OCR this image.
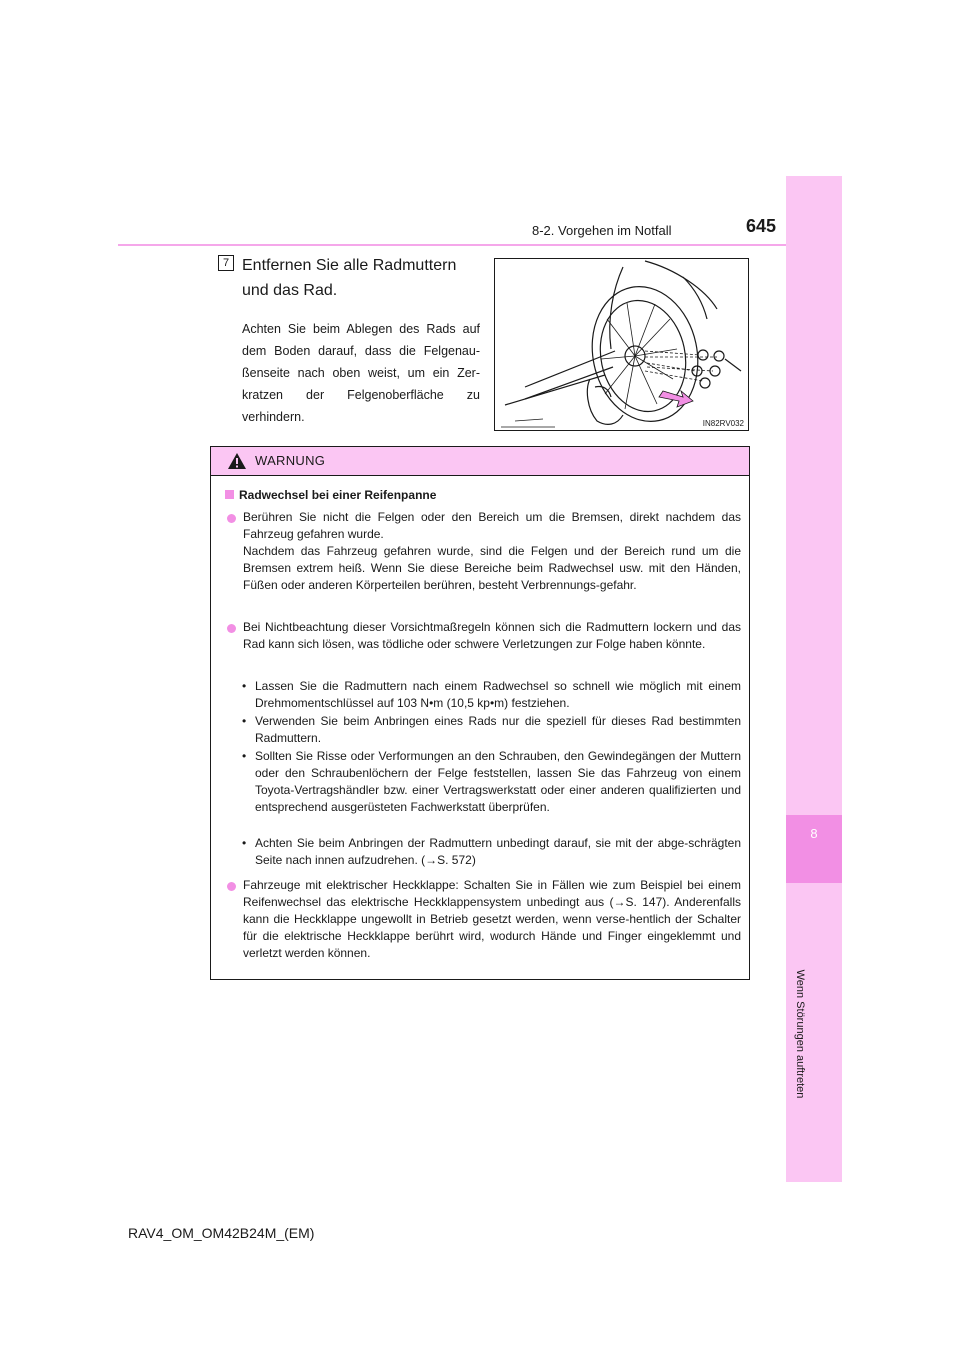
8
Wenn Störungen auftreten
8-2. Vorgehen im Notfall	645
7 Entfernen Sie alle Radmuttern und das Rad.
Achten Sie beim Ablegen des Rads auf dem Boden darauf, dass die Felgenau-ßenseite nach oben weist, um ein Zer-kratzen der Felgenoberfläche zu verhindern.	IN82RV032
WARNUNG
Radwechsel bei einer Reifenpanne
Berühren Sie nicht die Felgen oder den Bereich um die Bremsen, direkt nachdem das Fahrzeug gefahren wurde.
Nachdem das Fahrzeug gefahren wurde, sind die Felgen und der Bereich rund um die Bremsen extrem heiß. Wenn Sie diese Bereiche beim Radwechsel usw. mit den Händen, Füßen oder anderen Körperteilen berühren, besteht Verbrennungs-gefahr.
Bei Nichtbeachtung dieser Vorsichtmaßregeln können sich die Radmuttern lockern und das Rad kann sich lösen, was tödliche oder schwere Verletzungen zur Folge haben könnte.
• Lassen Sie die Radmuttern nach einem Radwechsel so schnell wie möglich mit einem Drehmomentschlüssel auf 103 N•m (10,5 kp•m) festziehen.
• Verwenden Sie beim Anbringen eines Rads nur die speziell für dieses Rad bestimmten Radmuttern.
• Sollten Sie Risse oder Verformungen an den Schrauben, den Gewindegängen der Muttern oder den Schraubenlöchern der Felge feststellen, lassen Sie das Fahrzeug von einem Toyota-Vertragshändler bzw. einer Vertragswerkstatt oder einer anderen qualifizierten und entsprechend ausgerüsteten Fachwerkstatt überprüfen.
• Achten Sie beim Anbringen der Radmuttern unbedingt darauf, sie mit der abge-schrägten Seite nach innen aufzudrehen. (→S. 572)
Fahrzeuge mit elektrischer Heckklappe: Schalten Sie in Fällen wie zum Beispiel bei einem Reifenwechsel das elektrische Heckklappensystem unbedingt aus (→S. 147). Anderenfalls kann die Heckklappe ungewollt in Betrieb gesetzt werden, wenn verse-hentlich der Schalter für die elektrische Heckklappe berührt wird, wodurch Hände und Finger eingeklemmt und verletzt werden können.
RAV4_OM_OM42B24M_(EM)
